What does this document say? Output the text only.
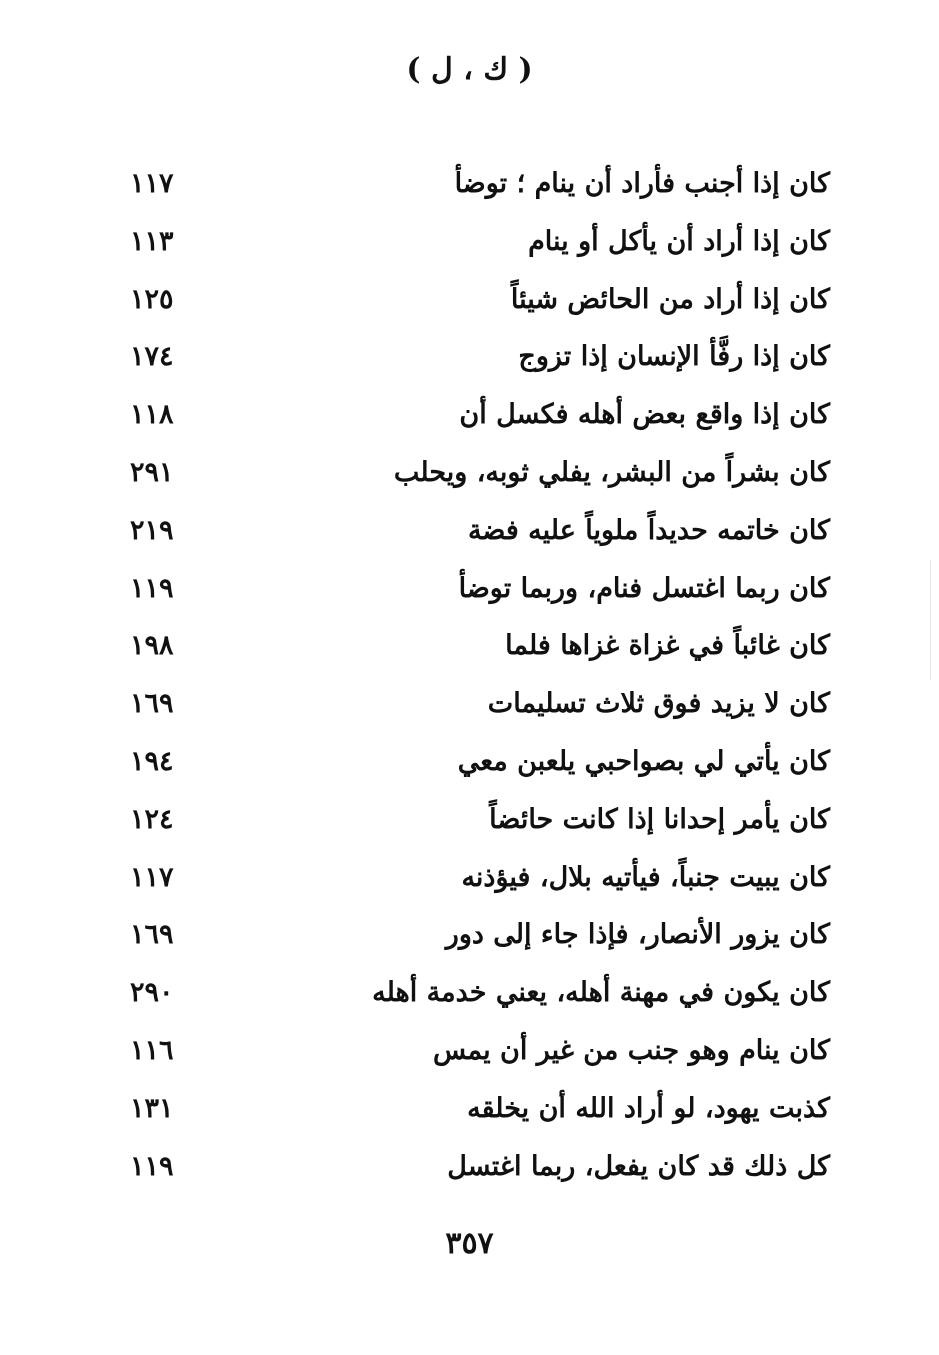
( ك ، ل )
كان إذا أجنب فأراد أن ينام ؛ توضأ
١١٧
كان إذا أراد أن يأكل أو ينام
١١٣
كان إذا أراد من الحائض شيئاً
١٢٥
كان إذا رفَّأ الإنسان إذا تزوج
١٧٤
كان إذا واقع بعض أهله فكسل أن
١١٨
كان بشراً من البشر، يفلي ثوبه، ويحلب
٢٩١
كان خاتمه حديداً ملوياً عليه فضة
٢١٩
كان ربما اغتسل فنام، وربما توضأ
١١٩
كان غائباً في غزاة غزاها فلما
١٩٨
كان لا يزيد فوق ثلاث تسليمات
١٦٩
كان يأتي لي بصواحبي يلعبن معي
١٩٤
كان يأمر إحدانا إذا كانت حائضاً
١٢٤
كان يبيت جنباً، فيأتيه بلال، فيؤذنه
١١٧
كان يزور الأنصار، فإذا جاء إلى دور
١٦٩
كان يكون في مهنة أهله، يعني خدمة أهله
٢٩٠
كان ينام وهو جنب من غير أن يمس
١١٦
كذبت يهود، لو أراد الله أن يخلقه
١٣١
كل ذلك قد كان يفعل، ربما اغتسل
١١٩
٣٥٧
